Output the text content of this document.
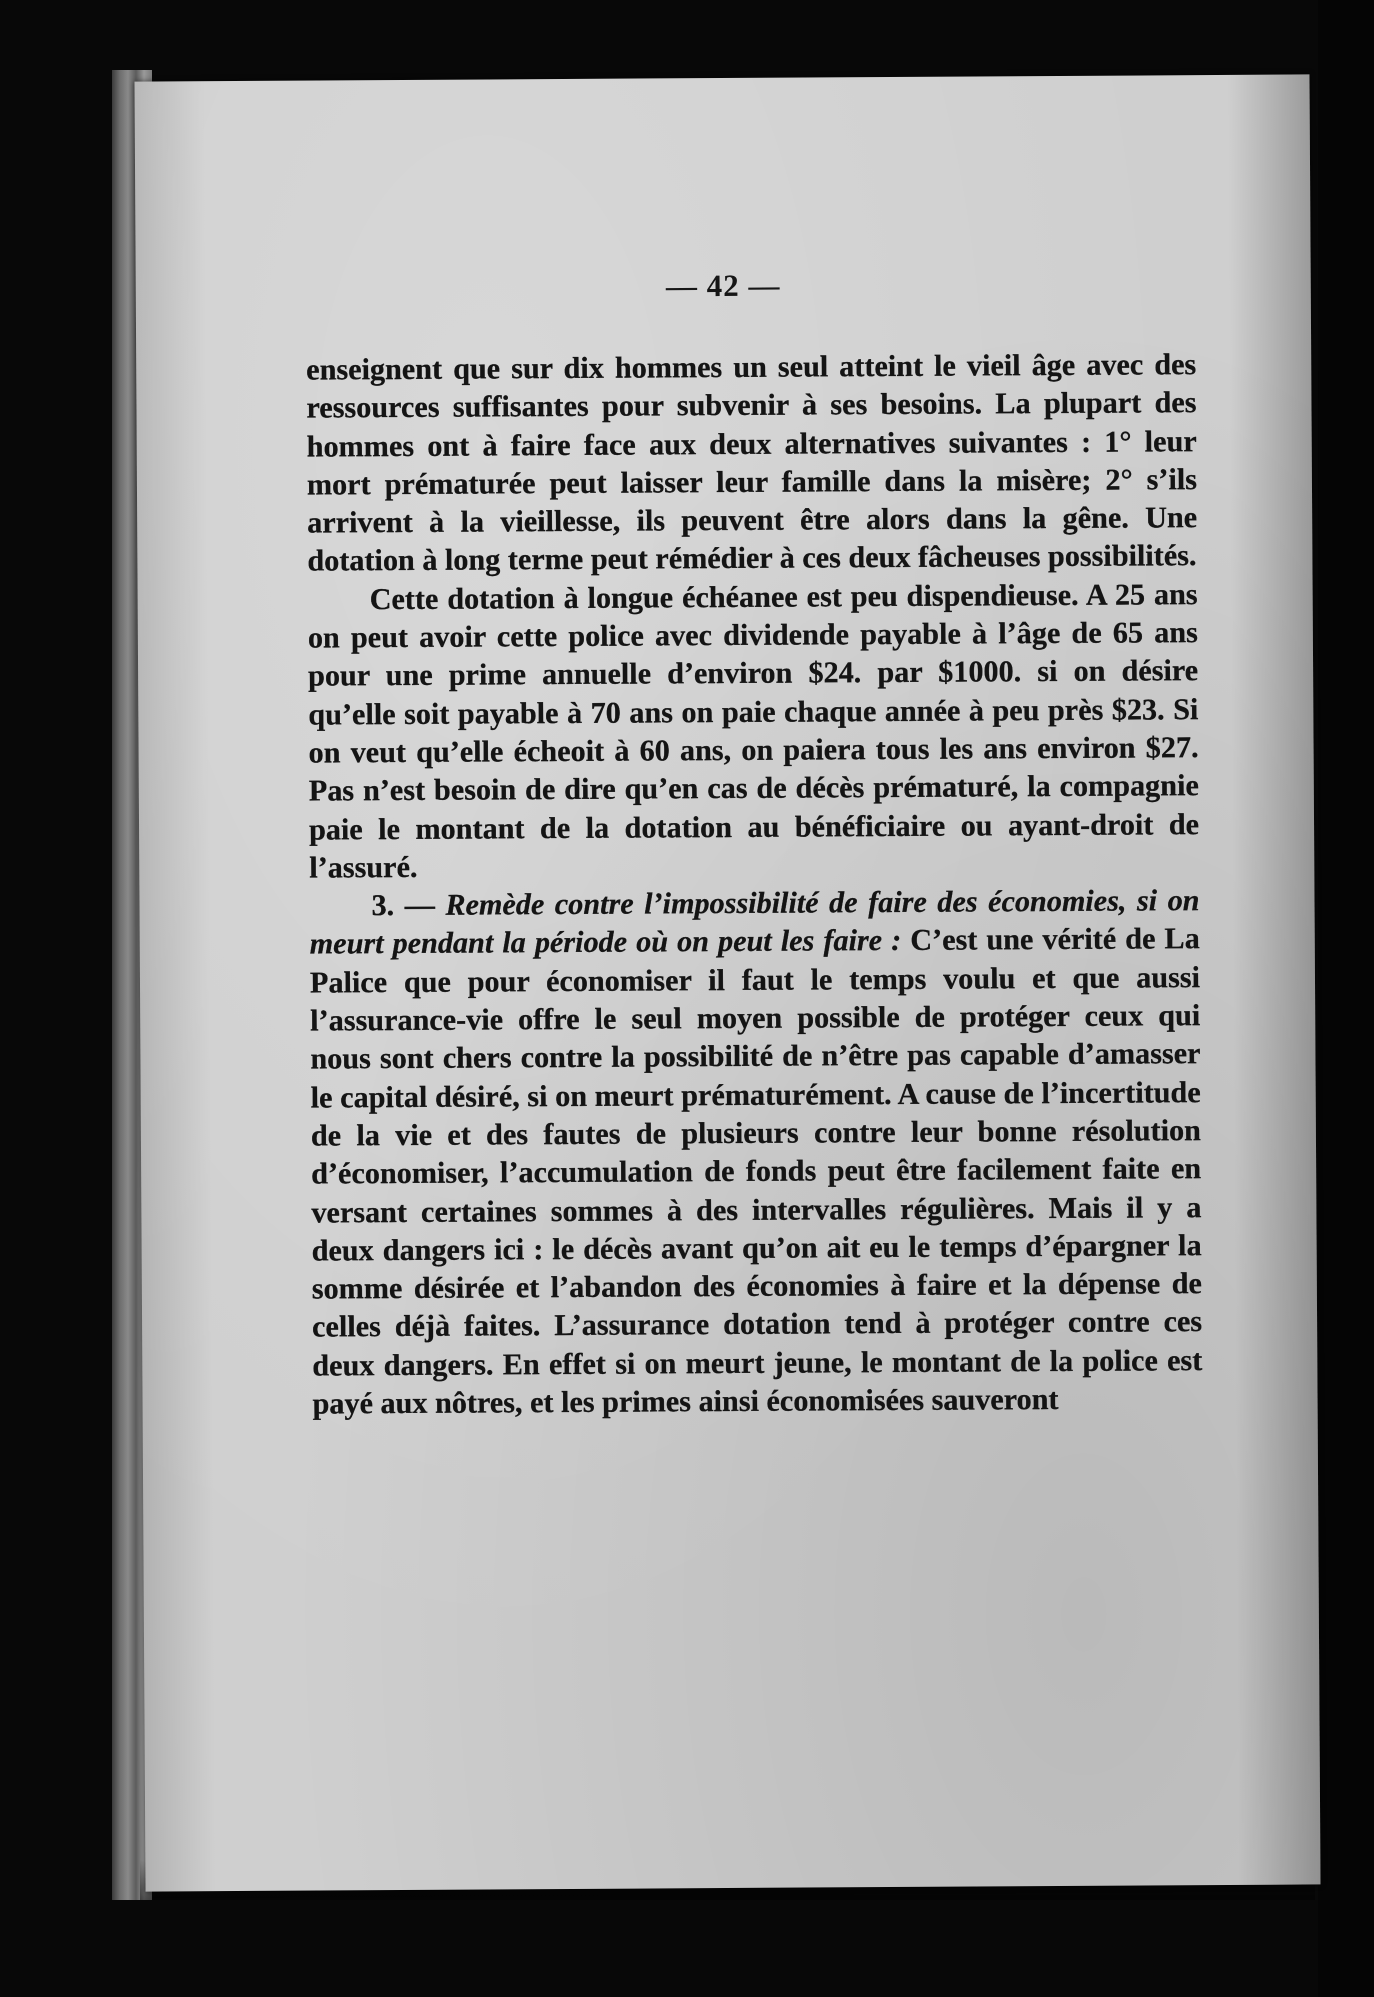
— 42 —

enseignent que sur dix hommes un seul atteint le vieil âge avec des ressources suffisantes pour subvenir à ses besoins. La plupart des hommes ont à faire face aux deux alternatives suivantes : 1° leur mort prématurée peut laisser leur famille dans la misère; 2° s’ils arrivent à la vieillesse, ils peuvent être alors dans la gêne. Une dotation à long terme peut rémédier à ces deux fâcheuses possibilités.

Cette dotation à longue échéanee est peu dispendieuse. A 25 ans on peut avoir cette police avec dividende payable à l’âge de 65 ans pour une prime annuelle d’environ $24. par $1000. si on désire qu’elle soit payable à 70 ans on paie chaque année à peu près $23. Si on veut qu’elle écheoit à 60 ans, on paiera tous les ans environ $27. Pas n’est besoin de dire qu’en cas de décès prématuré, la compagnie paie le montant de la dotation au bénéficiaire ou ayant-droit de l’assuré.

3. — Remède contre l’impossibilité de faire des économies, si on meurt pendant la période où on peut les faire : C’est une vérité de La Palice que pour économiser il faut le temps voulu et que aussi l’assurance-vie offre le seul moyen possible de protéger ceux qui nous sont chers contre la possibilité de n’être pas capable d’amasser le capital désiré, si on meurt prématurément. A cause de l’incertitude de la vie et des fautes de plusieurs contre leur bonne résolution d’économiser, l’accumulation de fonds peut être facilement faite en versant certaines sommes à des intervalles régulières. Mais il y a deux dangers ici : le décès avant qu’on ait eu le temps d’épargner la somme désirée et l’abandon des économies à faire et la dépense de celles déjà faites. L’assurance dotation tend à protéger contre ces deux dangers. En effet si on meurt jeune, le montant de la police est payé aux nôtres, et les primes ainsi économisées sauveront
